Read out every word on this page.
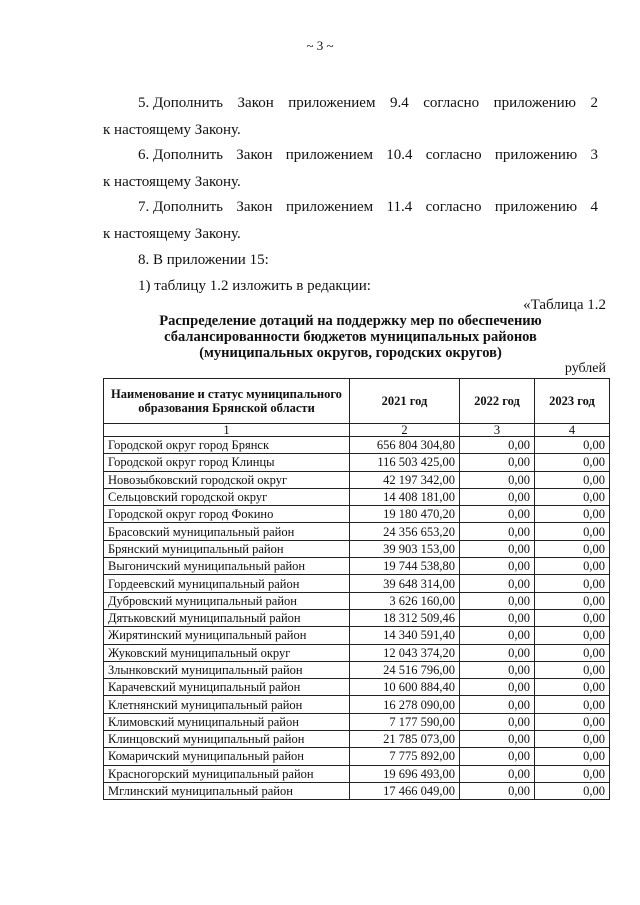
~ 3 ~
5. Дополнить Закон приложением 9.4 согласно приложению 2
к настоящему Закону.
6. Дополнить Закон приложением 10.4 согласно приложению 3
к настоящему Закону.
7. Дополнить Закон приложением 11.4 согласно приложению 4
к настоящему Закону.
8. В приложении 15:
1) таблицу 1.2 изложить в редакции:
«Таблица 1.2
Распределение дотаций на поддержку мер по обеспечению
сбалансированности бюджетов муниципальных районов
(муниципальных округов, городских округов)
рублей
Наименование и статус муниципального образования Брянской области	2021 год	2022 год	2023 год
1	2	3	4
Городской округ город Брянск	656 804 304,80	0,00	0,00
Городской округ город Клинцы	116 503 425,00	0,00	0,00
Новозыбковский городской округ	42 197 342,00	0,00	0,00
Сельцовский городской округ	14 408 181,00	0,00	0,00
Городской округ город Фокино	19 180 470,20	0,00	0,00
Брасовский муниципальный район	24 356 653,20	0,00	0,00
Брянский муниципальный район	39 903 153,00	0,00	0,00
Выгоничский муниципальный район	19 744 538,80	0,00	0,00
Гордеевский муниципальный район	39 648 314,00	0,00	0,00
Дубровский муниципальный район	3 626 160,00	0,00	0,00
Дятьковский муниципальный район	18 312 509,46	0,00	0,00
Жирятинский муниципальный район	14 340 591,40	0,00	0,00
Жуковский муниципальный округ	12 043 374,20	0,00	0,00
Злынковский муниципальный район	24 516 796,00	0,00	0,00
Карачевский муниципальный район	10 600 884,40	0,00	0,00
Клетнянский муниципальный район	16 278 090,00	0,00	0,00
Климовский муниципальный район	7 177 590,00	0,00	0,00
Клинцовский муниципальный район	21 785 073,00	0,00	0,00
Комаричский муниципальный район	7 775 892,00	0,00	0,00
Красногорский муниципальный район	19 696 493,00	0,00	0,00
Мглинский муниципальный район	17 466 049,00	0,00	0,00
